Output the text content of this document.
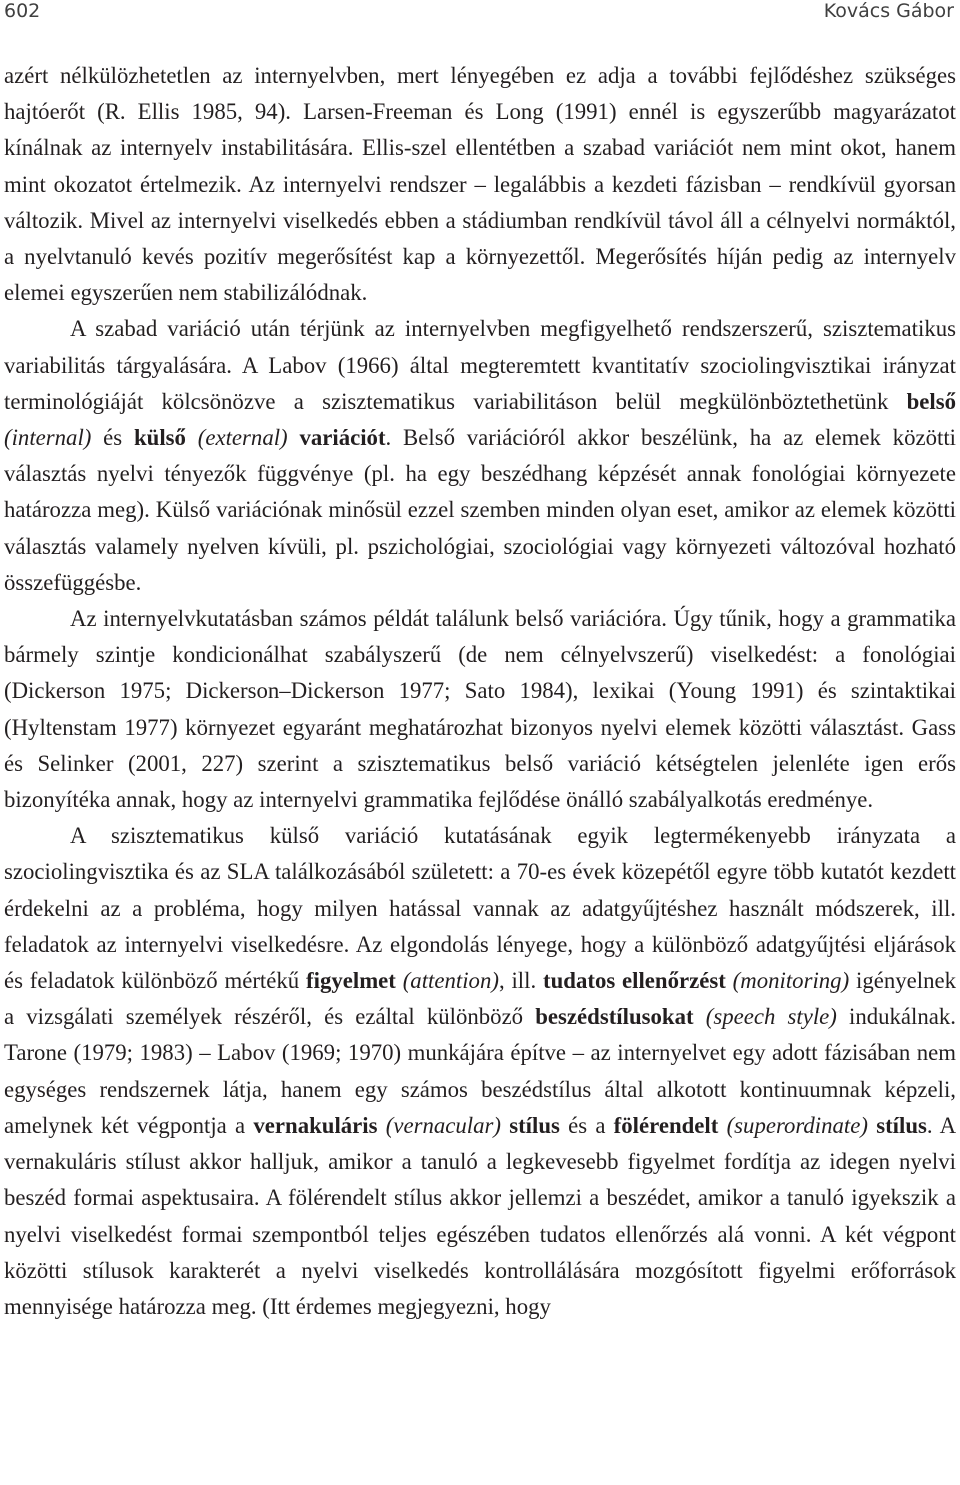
602	Kovács Gábor

azért nélkülözhetetlen az internyelvben, mert lényegében ez adja a további fejlődéshez szükséges hajtóerőt (R. Ellis 1985, 94). Larsen-Freeman és Long (1991) ennél is egyszerűbb magyarázatot kínálnak az internyelv instabilitására. Ellis-szel ellentétben a szabad variációt nem mint okot, hanem mint okozatot értelmezik. Az internyelvi rendszer – legalábbis a kezdeti fázisban – rendkívül gyorsan változik. Mivel az internyelvi viselkedés ebben a stádiumban rendkívül távol áll a célnyelvi normáktól, a nyelvtanuló kevés pozitív megerősítést kap a környezettől. Megerősítés híján pedig az internyelv elemei egyszerűen nem stabilizálódnak.

A szabad variáció után térjünk az internyelvben megfigyelhető rendszerszerű, szisztematikus variabilitás tárgyalására. A Labov (1966) által megteremtett kvantitatív szociolingvisztikai irányzat terminológiáját kölcsönözve a szisztematikus variabilitáson belül megkülönböztethetünk belső (internal) és külső (external) variációt. Belső variációról akkor beszélünk, ha az elemek közötti választás nyelvi tényezők függvénye (pl. ha egy beszédhang képzését annak fonológiai környezete határozza meg). Külső variációnak minősül ezzel szemben minden olyan eset, amikor az elemek közötti választás valamely nyelven kívüli, pl. pszichológiai, szociológiai vagy környezeti változóval hozható összefüggésbe.

Az internyelvkutatásban számos példát találunk belső variációra. Úgy tűnik, hogy a grammatika bármely szintje kondicionálhat szabályszerű (de nem célnyelvszerű) viselkedést: a fonológiai (Dickerson 1975; Dickerson–Dickerson 1977; Sato 1984), lexikai (Young 1991) és szintaktikai (Hyltenstam 1977) környezet egyaránt meghatározhat bizonyos nyelvi elemek közötti választást. Gass és Selinker (2001, 227) szerint a szisztematikus belső variáció kétségtelen jelenléte igen erős bizonyítéka annak, hogy az internyelvi grammatika fejlődése önálló szabályalkotás eredménye.

A szisztematikus külső variáció kutatásának egyik legtermékenyebb irányzata a szociolingvisztika és az SLA találkozásából született: a 70-es évek közepétől egyre több kutatót kezdett érdekelni az a probléma, hogy milyen hatással vannak az adatgyűjtéshez használt módszerek, ill. feladatok az internyelvi viselkedésre. Az elgondolás lényege, hogy a különböző adatgyűjtési eljárások és feladatok különböző mértékű figyelmet (attention), ill. tudatos ellenőrzést (monitoring) igényelnek a vizsgálati személyek részéről, és ezáltal különböző beszédstílusokat (speech style) indukálnak. Tarone (1979; 1983) – Labov (1969; 1970) munkájára építve – az internyelvet egy adott fázisában nem egységes rendszernek látja, hanem egy számos beszédstílus által alkotott kontinuumnak képzeli, amelynek két végpontja a vernakuláris (vernacular) stílus és a fölérendelt (superordinate) stílus. A vernakuláris stílust akkor halljuk, amikor a tanuló a legkevesebb figyelmet fordítja az idegen nyelvi beszéd formai aspektusaira. A fölérendelt stílus akkor jellemzi a beszédet, amikor a tanuló igyekszik a nyelvi viselkedést formai szempontból teljes egészében tudatos ellenőrzés alá vonni. A két végpont közötti stílusok karakterét a nyelvi viselkedés kontrollálására mozgósított figyelmi erőforrások mennyisége határozza meg. (Itt érdemes megjegyezni, hogy
